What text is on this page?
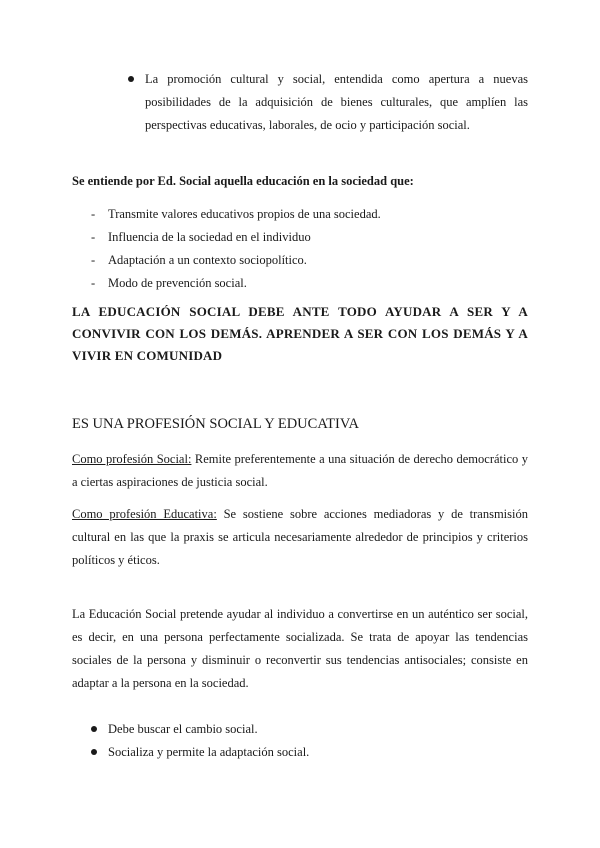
La promoción cultural y social, entendida como apertura a nuevas posibilidades de la adquisición de bienes culturales, que amplíen las perspectivas educativas, laborales, de ocio y participación social.

Se entiende por Ed. Social aquella educación en la sociedad que:

- Transmite valores educativos propios de una sociedad.
- Influencia de la sociedad en el individuo
- Adaptación a un contexto sociopolítico.
- Modo de prevención social.

LA EDUCACIÓN SOCIAL DEBE ANTE TODO AYUDAR A SER Y A CONVIVIR CON LOS DEMÁS. APRENDER A SER CON LOS DEMÁS Y A VIVIR EN COMUNIDAD

ES UNA PROFESIÓN SOCIAL Y EDUCATIVA

Como profesión Social: Remite preferentemente a una situación de derecho democrático y a ciertas aspiraciones de justicia social.

Como profesión Educativa: Se sostiene sobre acciones mediadoras y de transmisión cultural en las que la praxis se articula necesariamente alrededor de principios y criterios políticos y éticos.

La Educación Social pretende ayudar al individuo a convertirse en un auténtico ser social, es decir, en una persona perfectamente socializada. Se trata de apoyar las tendencias sociales de la persona y disminuir o reconvertir sus tendencias antisociales; consiste en adaptar a la persona en la sociedad.

Debe buscar el cambio social.
Socializa y permite la adaptación social.
